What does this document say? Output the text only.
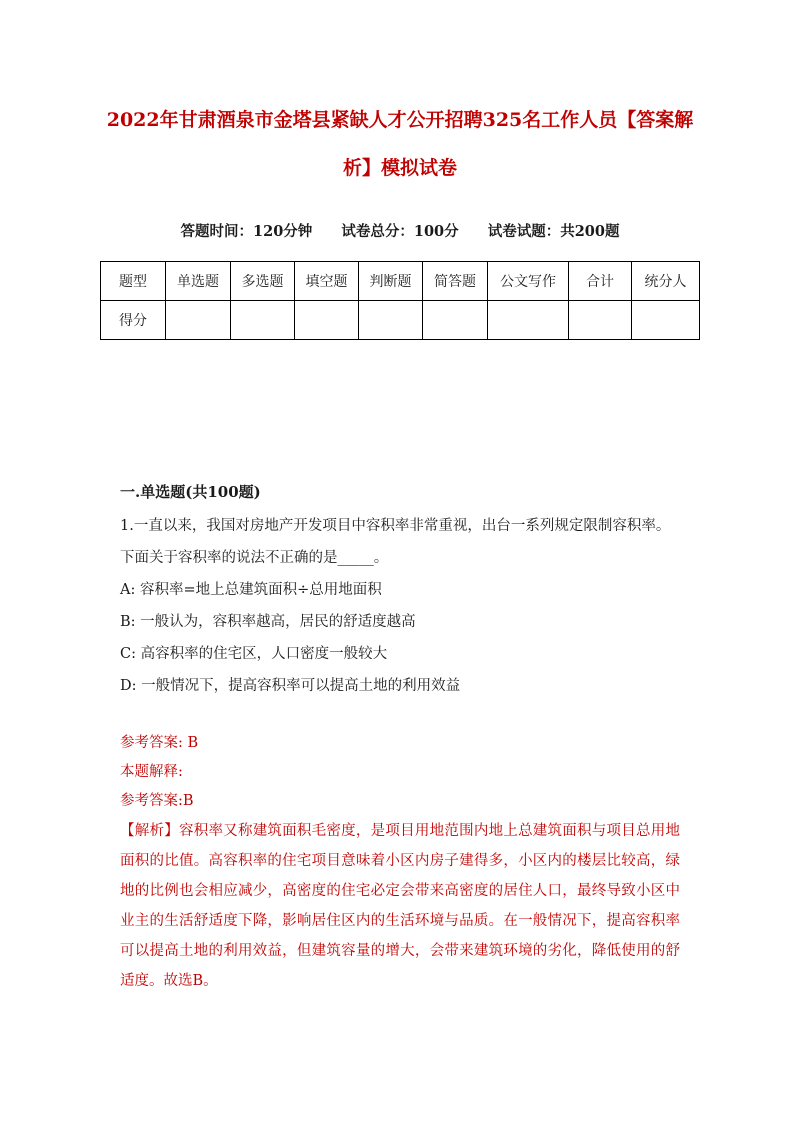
2022年甘肃酒泉市金塔县紧缺人才公开招聘325名工作人员【答案解析】模拟试卷
答题时间：120分钟 试卷总分：100分 试卷试题：共200题
题型	单选题	多选题	填空题	判断题	简答题	公文写作	合计	统分人
得分								

一.单选题(共100题)

1.一直以来，我国对房地产开发项目中容积率非常重视，出台一系列规定限制容积率。下面关于容积率的说法不正确的是_____。

A: 容积率=地上总建筑面积÷总用地面积

B: 一般认为，容积率越高，居民的舒适度越高

C: 高容积率的住宅区，人口密度一般较大

D: 一般情况下，提高容积率可以提高土地的利用效益

参考答案: B

本题解释:

参考答案:B

【解析】容积率又称建筑面积毛密度，是项目用地范围内地上总建筑面积与项目总用地面积的比值。高容积率的住宅项目意味着小区内房子建得多，小区内的楼层比较高，绿地的比例也会相应减少，高密度的住宅必定会带来高密度的居住人口，最终导致小区中业主的生活舒适度下降，影响居住区内的生活环境与品质。在一般情况下，提高容积率可以提高土地的利用效益，但建筑容量的增大，会带来建筑环境的劣化，降低使用的舒适度。故选B。
